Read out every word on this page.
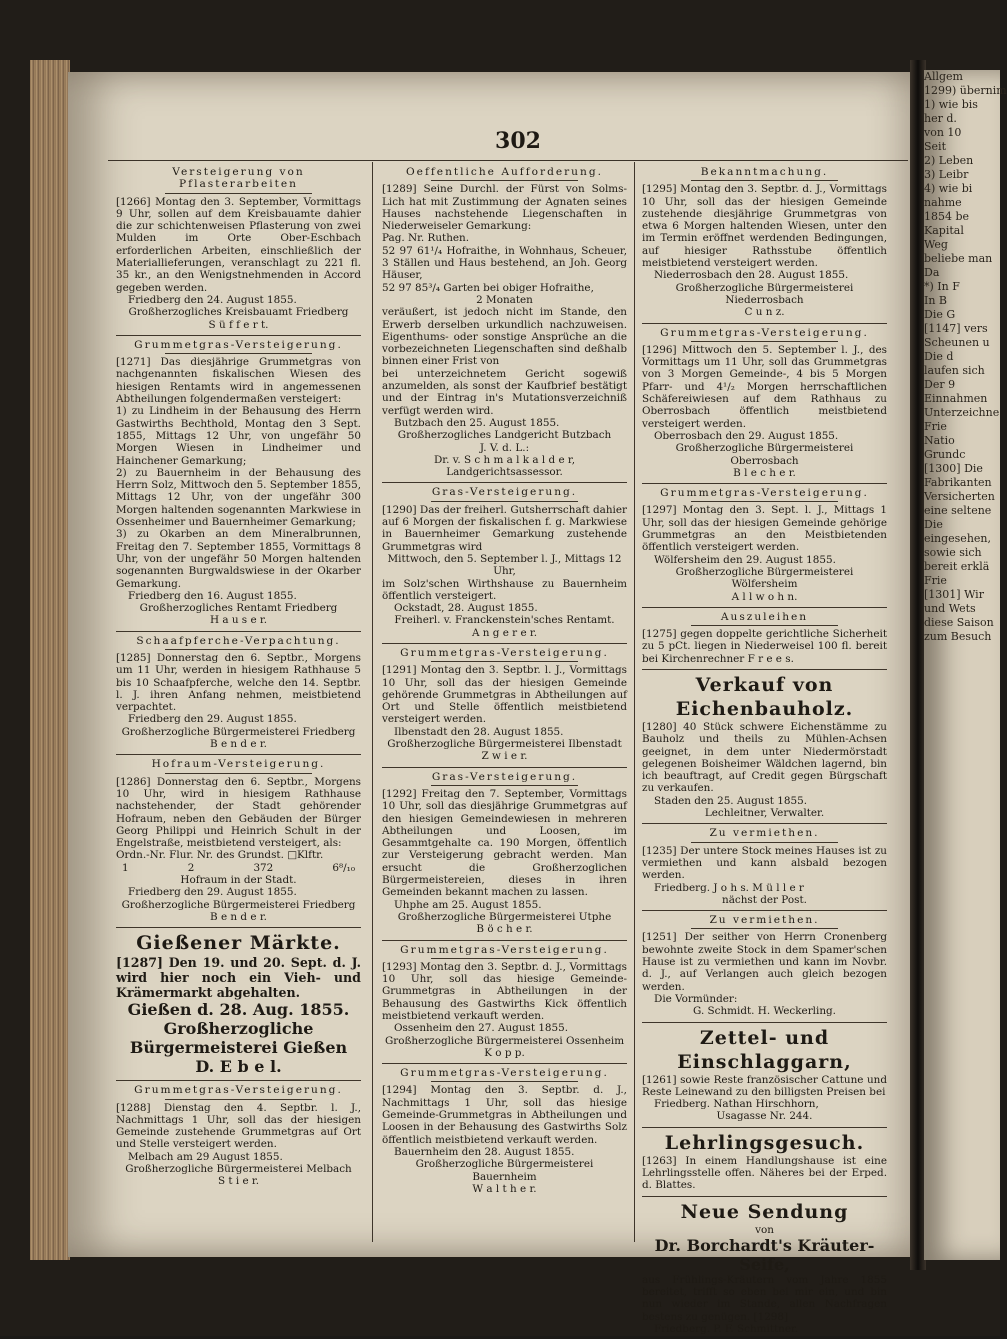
302
Versteigerung von Pflasterarbeiten
[1266] Montag den 3. September, Vormittags 9 Uhr, sollen auf dem Kreisbauamte dahier die zur schichtenweisen Pflasterung von zwei Mulden im Orte Ober-Eschbach erforderlichen Arbeiten, einschließlich der Materiallieferungen, veranschlagt zu 221 fl. 35 kr., an den Wenigstnehmenden in Accord gegeben werden.
Friedberg den 24. August 1855.
Großherzogliches Kreisbauamt Friedberg
S ü f f e r t.
Grummetgras-Versteigerung.
[1271] Das diesjährige Grummetgras von nachgenannten fiskalischen Wiesen des hiesigen Rentamts wird in angemessenen Abtheilungen folgendermaßen versteigert:
1) zu Lindheim in der Behausung des Herrn Gastwirths Bechthold, Montag den 3 Sept. 1855, Mittags 12 Uhr, von ungefähr 50 Morgen Wiesen in Lindheimer und Hainchener Gemarkung;
2) zu Bauernheim in der Behausung des Herrn Solz, Mittwoch den 5. September 1855, Mittags 12 Uhr, von der ungefähr 300 Morgen haltenden sogenannten Markwiese in Ossenheimer und Bauernheimer Gemarkung;
3) zu Okarben an dem Mineralbrunnen, Freitag den 7. September 1855, Vormittags 8 Uhr, von der ungefähr 50 Morgen haltenden sogenannten Burgwaldswiese in der Okarber Gemarkung.
Friedberg den 16. August 1855.
Großherzogliches Rentamt Friedberg
H a u s e r.
Schaafpferche-Verpachtung.
[1285] Donnerstag den 6. Septbr., Morgens um 11 Uhr, werden in hiesigem Rathhause 5 bis 10 Schaafpferche, welche den 14. Septbr. l. J. ihren Anfang nehmen, meistbietend verpachtet.
Friedberg den 29. August 1855.
Großherzogliche Bürgermeisterei Friedberg
B e n d e r.
Hofraum-Versteigerung.
[1286] Donnerstag den 6. Septbr., Morgens 10 Uhr, wird in hiesigem Rathhause nachstehender, der Stadt gehörender Hofraum, neben den Gebäuden der Bürger Georg Philippi und Heinrich Schult in der Engelstraße, meistbietend versteigert, als:
Ordn.-Nr. Flur. Nr. des Grundst. □Klftr.
1	2	372	6⁸/₁₀
Hofraum in der Stadt.
Friedberg den 29. August 1855.
Großherzogliche Bürgermeisterei Friedberg
B e n d e r.
Gießener Märkte.
[1287] Den 19. und 20. Sept. d. J. wird hier noch ein Vieh- und Krämermarkt abgehalten.
Gießen d. 28. Aug. 1855.
Großherzogliche
Bürgermeisterei Gießen
D. E b e l.
Grummetgras-Versteigerung.
[1288] Dienstag den 4. Septbr. l. J., Nachmittags 1 Uhr, soll das der hiesigen Gemeinde zustehende Grummetgras auf Ort und Stelle versteigert werden.
Melbach am 29 August 1855.
Großherzogliche Bürgermeisterei Melbach
S t i e r.
Oeffentliche Aufforderung.
[1289] Seine Durchl. der Fürst von Solms-Lich hat mit Zustimmung der Agnaten seines Hauses nachstehende Liegenschaften in Niederweiseler Gemarkung:
Pag. Nr. Ruthen.
52 97 61¹/₄ Hofraithe, in Wohnhaus, Scheuer, 3 Ställen und Haus bestehend, an Joh. Georg Häuser,
52 97 85³/₄ Garten bei obiger Hofraithe,
2 Monaten
veräußert, ist jedoch nicht im Stande, den Erwerb derselben urkundlich nachzuweisen. Eigenthums- oder sonstige Ansprüche an die vorbezeichneten Liegenschaften sind deßhalb binnen einer Frist von
bei unterzeichnetem Gericht sogewiß anzumelden, als sonst der Kaufbrief bestätigt und der Eintrag in's Mutationsverzeichniß verfügt werden wird.
Butzbach den 25. August 1855.
Großherzogliches Landgericht Butzbach
J. V. d. L.:
Dr. v. S c h m a l k a l d e r,
Landgerichtsassessor.
Gras-Versteigerung.
[1290] Das der freiherl. Gutsherrschaft dahier auf 6 Morgen der fiskalischen f. g. Markwiese in Bauernheimer Gemarkung zustehende Grummetgras wird
Mittwoch, den 5. September l. J., Mittags 12 Uhr,
im Solz'schen Wirthshause zu Bauernheim öffentlich versteigert.
Ockstadt, 28. August 1855.
Freiherl. v. Franckenstein'sches Rentamt.
A n g e r e r.
Grummetgras-Versteigerung.
[1291] Montag den 3. Septbr. l. J., Vormittags 10 Uhr, soll das der hiesigen Gemeinde gehörende Grummetgras in Abtheilungen auf Ort und Stelle öffentlich meistbietend versteigert werden.
Ilbenstadt den 28. August 1855.
Großherzogliche Bürgermeisterei Ilbenstadt
Z w i e r.
Gras-Versteigerung.
[1292] Freitag den 7. September, Vormittags 10 Uhr, soll das diesjährige Grummetgras auf den hiesigen Gemeindewiesen in mehreren Abtheilungen und Loosen, im Gesammtgehalte ca. 190 Morgen, öffentlich zur Versteigerung gebracht werden. Man ersucht die Großherzoglichen Bürgermeistereien, dieses in ihren Gemeinden bekannt machen zu lassen.
Uhphe am 25. August 1855.
Großherzogliche Bürgermeisterei Utphe
B ö c h e r.
Grummetgras-Versteigerung.
[1293] Montag den 3. Septbr. d. J., Vormittags 10 Uhr, soll das hiesige Gemeinde-Grummetgras in Abtheilungen in der Behausung des Gastwirths Kick öffentlich meistbietend verkauft werden.
Ossenheim den 27. August 1855.
Großherzogliche Bürgermeisterei Ossenheim
K o p p.
Grummetgras-Versteigerung.
[1294] Montag den 3. Septbr. d. J., Nachmittags 1 Uhr, soll das hiesige Gemeinde-Grummetgras in Abtheilungen und Loosen in der Behausung des Gastwirths Solz öffentlich meistbietend verkauft werden.
Bauernheim den 28. August 1855.
Großherzogliche Bürgermeisterei Bauernheim
W a l t h e r.
Bekanntmachung.
[1295] Montag den 3. Septbr. d. J., Vormittags 10 Uhr, soll das der hiesigen Gemeinde zustehende diesjährige Grummetgras von etwa 6 Morgen haltenden Wiesen, unter den im Termin eröffnet werdenden Bedingungen, auf hiesiger Rathsstube öffentlich meistbietend versteigert werden.
Niederrosbach den 28. August 1855.
Großherzogliche Bürgermeisterei Niederrosbach
C u n z.
Grummetgras-Versteigerung.
[1296] Mittwoch den 5. September l. J., des Vormittags um 11 Uhr, soll das Grummetgras von 3 Morgen Gemeinde-, 4 bis 5 Morgen Pfarr- und 4¹/₂ Morgen herrschaftlichen Schäfereiwiesen auf dem Rathhaus zu Oberrosbach öffentlich meistbietend versteigert werden.
Oberrosbach den 29. August 1855.
Großherzogliche Bürgermeisterei Oberrosbach
B l e c h e r.
Grummetgras-Versteigerung.
[1297] Montag den 3. Sept. l. J., Mittags 1 Uhr, soll das der hiesigen Gemeinde gehörige Grummetgras an den Meistbietenden öffentlich versteigert werden.
Wölfersheim den 29. August 1855.
Großherzogliche Bürgermeisterei Wölfersheim
A l l w o h n.
Auszuleihen
[1275] gegen doppelte gerichtliche Sicherheit zu 5 pCt. liegen in Niederweisel 100 fl. bereit bei Kirchenrechner F r e e s.
Verkauf von Eichenbauholz.
[1280] 40 Stück schwere Eichenstämme zu Bauholz und theils zu Mühlen-Achsen geeignet, in dem unter Niedermörstadt gelegenen Boisheimer Wäldchen lagernd, bin ich beauftragt, auf Credit gegen Bürgschaft zu verkaufen.
Staden den 25. August 1855.
Lechleitner, Verwalter.
Zu vermiethen.
[1235] Der untere Stock meines Hauses ist zu vermiethen und kann alsbald bezogen werden.
Friedberg. J o h s. M ü l l e r
nächst der Post.
Zu vermiethen.
[1251] Der seither von Herrn Cronenberg bewohnte zweite Stock in dem Spamer'schen Hause ist zu vermiethen und kann im Novbr. d. J., auf Verlangen auch gleich bezogen werden.
Die Vormünder:
G. Schmidt. H. Weckerling.
Zettel- und Einschlaggarn,
[1261] sowie Reste französischer Cattune und Reste Leinewand zu den billigsten Preisen bei
Friedberg. Nathan Hirschhorn,
Usagasse Nr. 244.
Lehrlingsgesuch.
[1263] In einem Handlungshause ist eine Lehrlingsstelle offen. Näheres bei der Erped. d. Blattes.
Neue Sendung
von
Dr. Borchardt's Kräuter-Seife,
aus Frühlings-Kräutern vom Jahre 1855 bereitet, trifft so eben bei mir ein, und bin nun wieder im Stande, allen Nachfragen bestens zu genügen. [1298]
Friedberg. P. F. Schmittner.
Allgem
1299) übernim
1) wie bis
her d.
von 10
Seit
2) Leben
3) Leibr
4) wie bi
nahme
1854 be
Kapital
Weg
beliebe man
Da
*) In F
In B
Die G
[1147] vers
Scheunen u
Die d
laufen sich
Der 9
Einnahmen
Unterzeichne
Frie
Natio
Grundc
[1300] Die
Fabrikanten
Versicherten
eine seltene
Die
eingesehen,
sowie sich
bereit erklä
Frie
[1301] Wir
und Wets
diese Saison
zum Besuch
